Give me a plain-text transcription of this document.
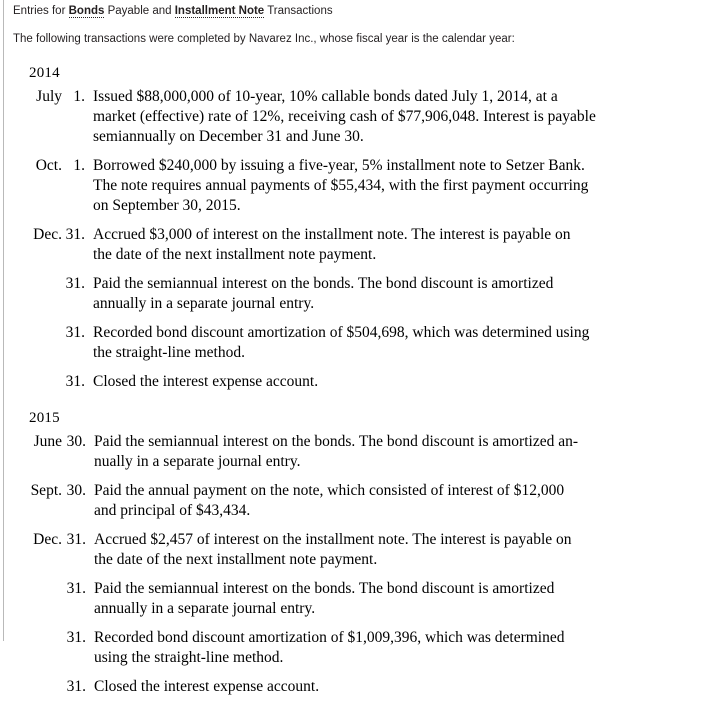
Entries for Bonds Payable and Installment Note Transactions
The following transactions were completed by Navarez Inc., whose fiscal year is the calendar year:
2014
July 1. Issued $88,000,000 of 10-year, 10% callable bonds dated July 1, 2014, at a
market (effective) rate of 12%, receiving cash of $77,906,048. Interest is payable
semiannually on December 31 and June 30.
Oct. 1. Borrowed $240,000 by issuing a five-year, 5% installment note to Setzer Bank.
The note requires annual payments of $55,434, with the first payment occurring
on September 30, 2015.
Dec. 31. Accrued $3,000 of interest on the installment note. The interest is payable on
the date of the next installment note payment.
31. Paid the semiannual interest on the bonds. The bond discount is amortized
annually in a separate journal entry.
31. Recorded bond discount amortization of $504,698, which was determined using
the straight-line method.
31. Closed the interest expense account.
2015
June 30. Paid the semiannual interest on the bonds. The bond discount is amortized an-
nually in a separate journal entry.
Sept. 30. Paid the annual payment on the note, which consisted of interest of $12,000
and principal of $43,434.
Dec. 31. Accrued $2,457 of interest on the installment note. The interest is payable on
the date of the next installment note payment.
31. Paid the semiannual interest on the bonds. The bond discount is amortized
annually in a separate journal entry.
31. Recorded bond discount amortization of $1,009,396, which was determined
using the straight-line method.
31. Closed the interest expense account.
